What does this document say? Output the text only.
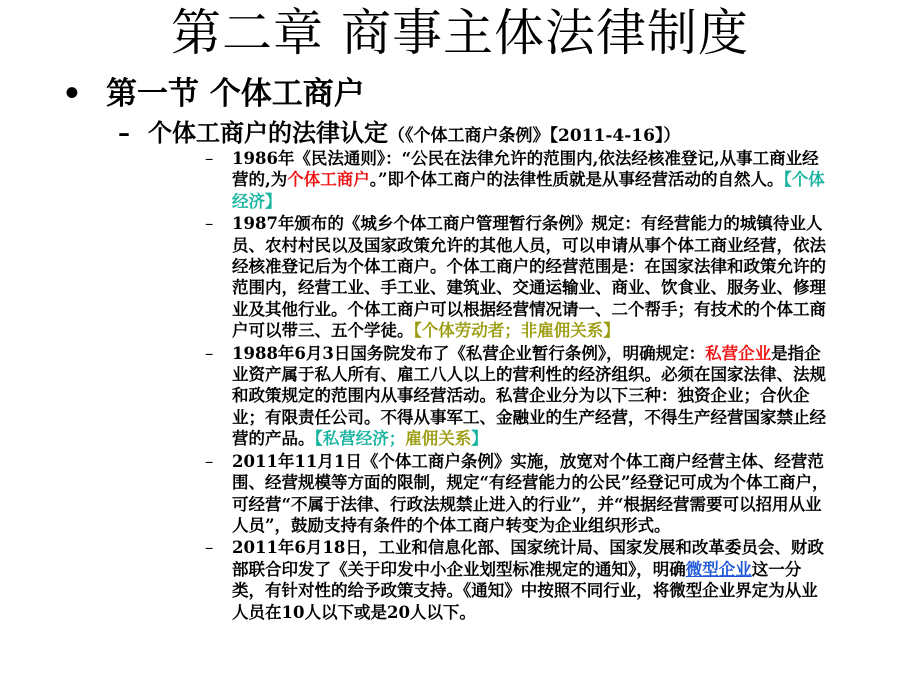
第二章 商事主体法律制度
• 第一节 个体工商户
– 个体工商户的法律认定（《个体工商户条例》【2011-4-16】）
– 1986年《民法通则》：“公民在法律允许的范围内,依法经核准登记,从事工商业经营的,为个体工商户。”即个体工商户的法律性质就是从事经营活动的自然人。【个体经济】
– 1987年颁布的《城乡个体工商户管理暂行条例》规定：有经营能力的城镇待业人员、农村村民以及国家政策允许的其他人员，可以申请从事个体工商业经营，依法经核准登记后为个体工商户。个体工商户的经营范围是：在国家法律和政策允许的范围内，经营工业、手工业、建筑业、交通运输业、商业、饮食业、服务业、修理业及其他行业。个体工商户可以根据经营情况请一、二个帮手；有技术的个体工商户可以带三、五个学徒。【个体劳动者；非雇佣关系】
– 1988年6月3日国务院发布了《私营企业暂行条例》，明确规定：私营企业是指企业资产属于私人所有、雇工八人以上的营利性的经济组织。必须在国家法律、法规和政策规定的范围内从事经营活动。私营企业分为以下三种：独资企业；合伙企业；有限责任公司。不得从事军工、金融业的生产经营，不得生产经营国家禁止经营的产品。【私营经济；雇佣关系】
– 2011年11月1日《个体工商户条例》实施，放宽对个体工商户经营主体、经营范围、经营规模等方面的限制，规定“有经营能力的公民”经登记可成为个体工商户，可经营“不属于法律、行政法规禁止进入的行业”，并“根据经营需要可以招用从业人员”，鼓励支持有条件的个体工商户转变为企业组织形式。
– 2011年6月18日，工业和信息化部、国家统计局、国家发展和改革委员会、财政部联合印发了《关于印发中小企业划型标准规定的通知》，明确微型企业这一分类，有针对性的给予政策支持。《通知》中按照不同行业，将微型企业界定为从业人员在10人以下或是20人以下。
